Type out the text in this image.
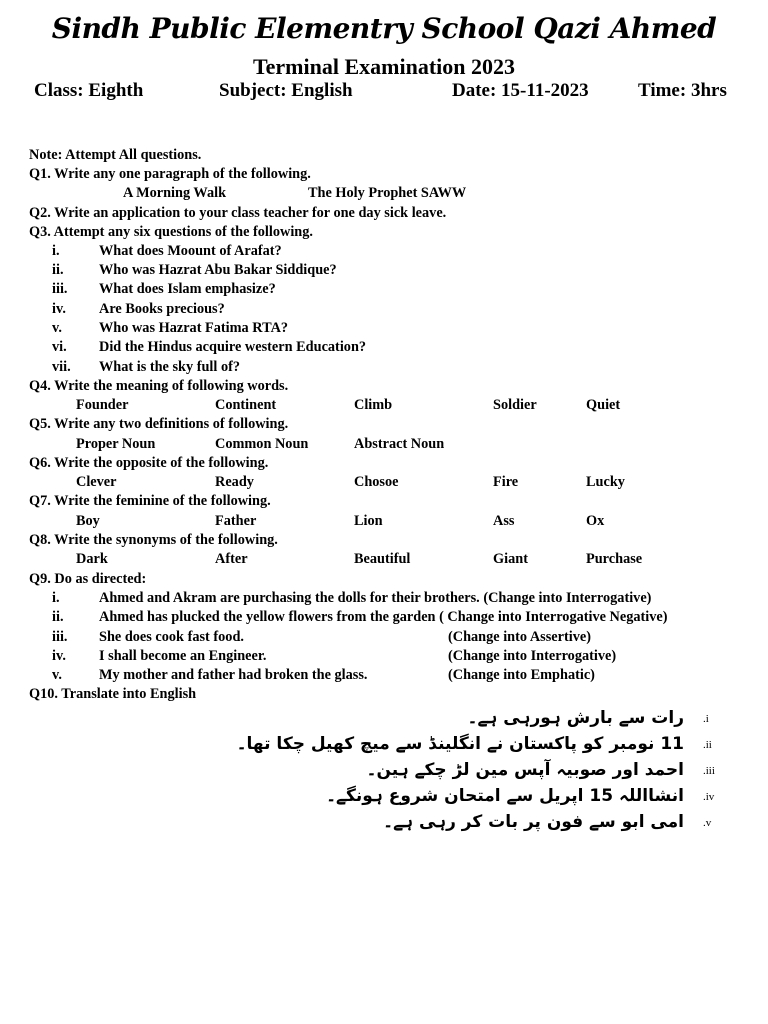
Sindh Public Elementry School Qazi Ahmed
Terminal Examination 2023
Class: Eighth	Subject: English	Date: 15-11-2023	Time: 3hrs
Note: Attempt All questions.
Q1. Write any one paragraph of the following.
A Morning Walk	The Holy Prophet SAWW
Q2. Write an application to your class teacher for one day sick leave.
Q3. Attempt any six questions of the following.
i.	What does Moount of Arafat?
ii. Who was Hazrat Abu Bakar Siddique?
iii. What does Islam emphasize?
iv. Are Books precious?
v.	Who was Hazrat Fatima RTA?
vi. Did the Hindus acquire western Education?
vii. What is the sky full of?
Q4. Write the meaning of following words.
Founder	Continent	Climb	Soldier	Quiet
Q5. Write any two definitions of following.
Proper Noun	Common Noun	Abstract Noun
Q6. Write the opposite of the following.
Clever	Ready	Chosoe	Fire	Lucky
Q7. Write the feminine of the following.
Boy	Father	Lion	Ass	Ox
Q8. Write the synonyms of the following.
Dark	After	Beautiful	Giant	Purchase
Q9. Do as directed:
i.	Ahmed and Akram are purchasing the dolls for their brothers. (Change into Interrogative)
ii. Ahmed has plucked the yellow flowers from the garden ( Change into Interrogative Negative)
iii. She does cook fast food.	(Change into Assertive)
iv. I shall become an Engineer.	(Change into Interrogative)
v.	My mother and father had broken the glass.	(Change into Emphatic)
Q10. Translate into English
رات سے بارش ہورہی ہے۔ .i
11 نومبر کو پاکستان نے انگلینڈ سے میچ کھیل چکا تھا۔ .ii
احمد اور صوبیہ آپس مین لڑ چکے ہین۔ .iii
انشااللہ 15 اپریل سے امتحان شروع ہونگے۔ .iv
امی ابو سے فون پر بات کر رہی ہے۔ .v
